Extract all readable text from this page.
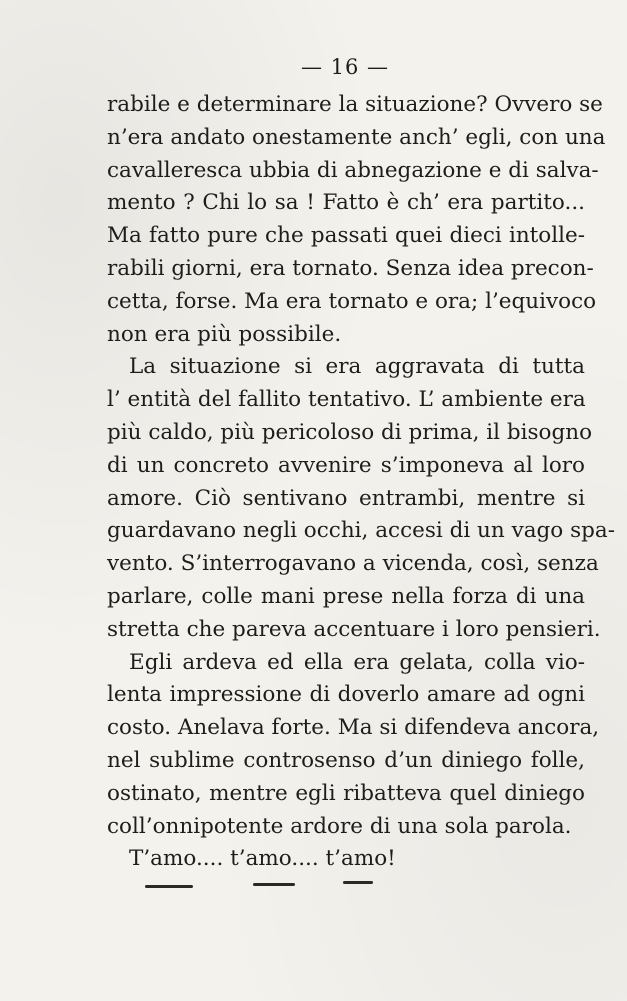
— 16 —
rabile e determinare la situazione? Ovvero se
n’era andato onestamente anch’ egli, con una
cavalleresca ubbia di abnegazione e di salva-
mento ? Chi lo sa ! Fatto è ch’ era partito...
Ma fatto pure che passati quei dieci intolle-
rabili giorni, era tornato. Senza idea precon-
cetta, forse. Ma era tornato e ora; l’equivoco
non era più possibile.
La situazione si era aggravata di tutta
l’ entità del fallito tentativo. L’ ambiente era
più caldo, più pericoloso di prima, il bisogno
di un concreto avvenire s’imponeva al loro
amore. Ciò sentivano entrambi, mentre si
guardavano negli occhi, accesi di un vago spa-
vento. S’interrogavano a vicenda, così, senza
parlare, colle mani prese nella forza di una
stretta che pareva accentuare i loro pensieri.
Egli ardeva ed ella era gelata, colla vio-
lenta impressione di doverlo amare ad ogni
costo. Anelava forte. Ma si difendeva ancora,
nel sublime controsenso d’un diniego folle,
ostinato, mentre egli ribatteva quel diniego
coll’onnipotente ardore di una sola parola.
T’amo.... t’amo.... t’amo!
